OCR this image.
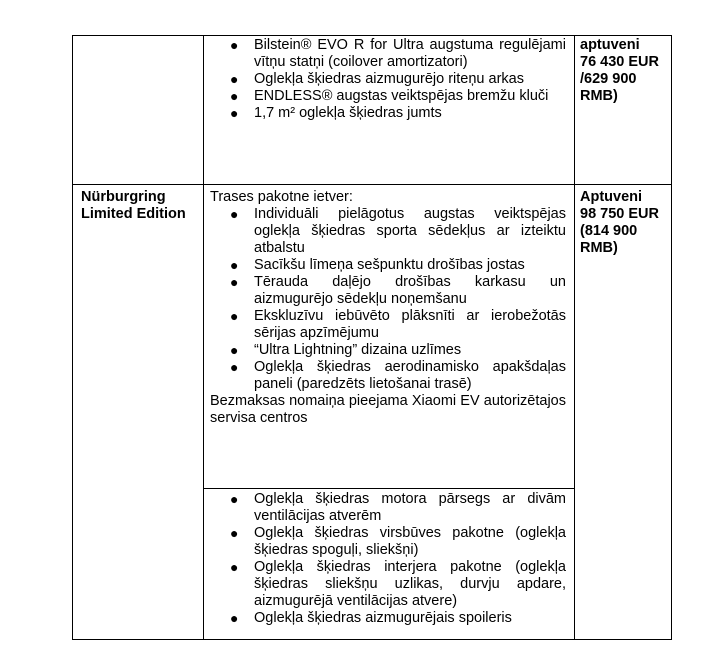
● Bilstein® EVO R for Ultra augstuma regulējami vītņu statņi (coilover amortizatori)
● Oglekļa šķiedras aizmugurējo riteņu arkas
● ENDLESS® augstas veiktspējas bremžu kluči
● 1,7 m² oglekļa šķiedras jumts
aptuveni
76 430 EUR
/629 900
RMB)
Nürburgring
Limited Edition
Trases pakotne ietver:
● Individuāli pielāgotus augstas veiktspējas oglekļa šķiedras sporta sēdekļus ar izteiktu atbalstu
● Sacīkšu līmeņa sešpunktu drošības jostas
● Tērauda daļējo drošības karkasu un aizmugurējo sēdekļu noņemšanu
● Ekskluzīvu iebūvēto plāksnīti ar ierobežotās sērijas apzīmējumu
● “Ultra Lightning” dizaina uzlīmes
● Oglekļa šķiedras aerodinamisko apakšdaļas paneli (paredzēts lietošanai trasē)
Bezmaksas nomaiņa pieejama Xiaomi EV autorizētajos servisa centros
Aptuveni
98 750 EUR
(814 900
RMB)
● Oglekļa šķiedras motora pārsegs ar divām ventilācijas atverēm
● Oglekļa šķiedras virsbūves pakotne (oglekļa šķiedras spoguļi, sliekšņi)
● Oglekļa šķiedras interjera pakotne (oglekļa šķiedras sliekšņu uzlikas, durvju apdare, aizmugurējā ventilācijas atvere)
● Oglekļa šķiedras aizmugurējais spoileris
